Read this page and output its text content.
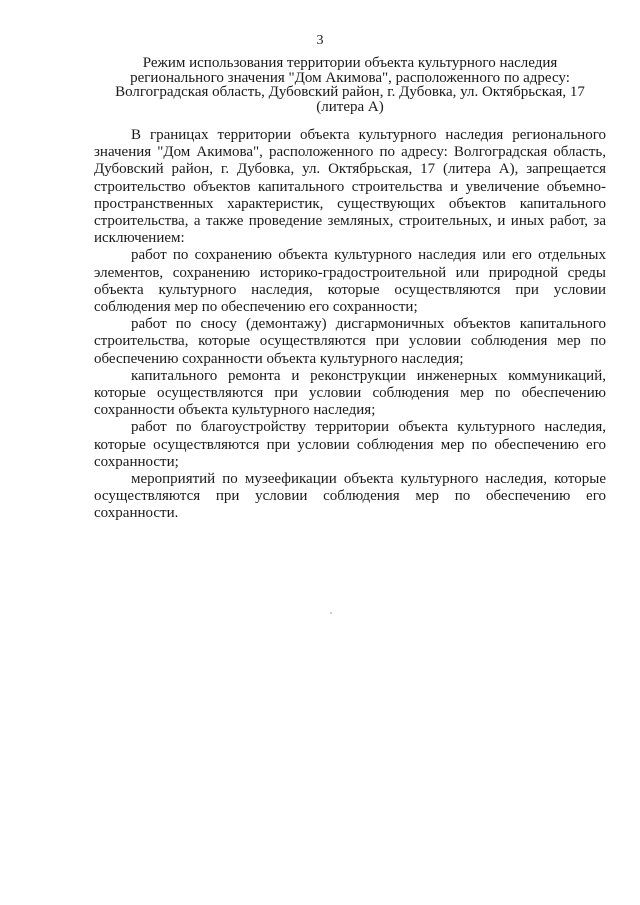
3
Режим использования территории объекта культурного наследия
регионального значения "Дом Акимова", расположенного по адресу:
Волгоградская область, Дубовский район, г. Дубовка, ул. Октябрьская, 17
(литера А)

В границах территории объекта культурного наследия регионального значения "Дом Акимова", расположенного по адресу: Волгоградская область, Дубовский район, г. Дубовка, ул. Октябрьская, 17 (литера А), запрещается строительство объектов капитального строительства и увеличение объемно-пространственных характеристик, существующих объектов капитального строительства, а также проведение земляных, строительных, и иных работ, за исключением:

работ по сохранению объекта культурного наследия или его отдельных элементов, сохранению историко-градостроительной или природной среды объекта культурного наследия, которые осуществляются при условии соблюдения мер по обеспечению его сохранности;

работ по сносу (демонтажу) дисгармоничных объектов капитального строительства, которые осуществляются при условии соблюдения мер по обеспечению сохранности объекта культурного наследия;

капитального ремонта и реконструкции инженерных коммуникаций, которые осуществляются при условии соблюдения мер по обеспечению сохранности объекта культурного наследия;

работ по благоустройству территории объекта культурного наследия, которые осуществляются при условии соблюдения мер по обеспечению его сохранности;

мероприятий по музеефикации объекта культурного наследия, которые осуществляются при условии соблюдения мер по обеспечению его сохранности.
